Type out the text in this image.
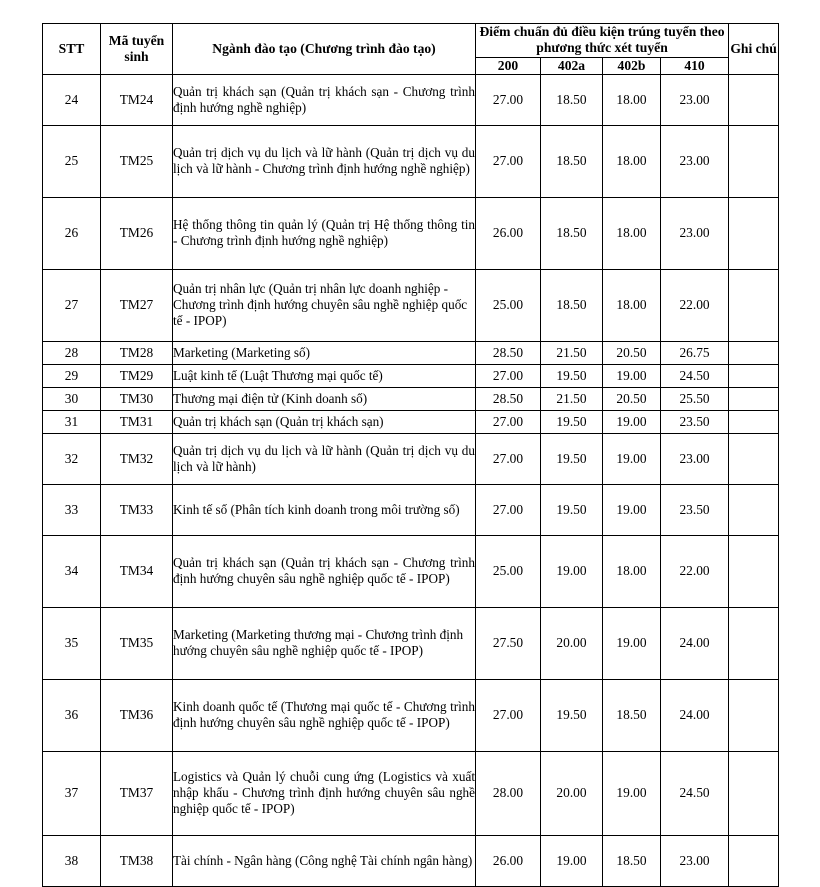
STT	Mã tuyển sinh	Ngành đào tạo (Chương trình đào tạo)	Điểm chuẩn đủ điều kiện trúng tuyển theo phương thức xét tuyển				Ghi chú
			200	402a	402b	410	
24	TM24	Quản trị khách sạn (Quản trị khách sạn - Chương trình định hướng nghề nghiệp)	27.00	18.50	18.00	23.00	
25	TM25	Quản trị dịch vụ du lịch và lữ hành (Quản trị dịch vụ du lịch và lữ hành - Chương trình định hướng nghề nghiệp)	27.00	18.50	18.00	23.00	
26	TM26	Hệ thống thông tin quản lý (Quản trị Hệ thống thông tin - Chương trình định hướng nghề nghiệp)	26.00	18.50	18.00	23.00	
27	TM27	Quản trị nhân lực (Quản trị nhân lực doanh nghiệp - Chương trình định hướng chuyên sâu nghề nghiệp quốc tế - IPOP)	25.00	18.50	18.00	22.00	
28	TM28	Marketing (Marketing số)	28.50	21.50	20.50	26.75	
29	TM29	Luật kinh tế (Luật Thương mại quốc tế)	27.00	19.50	19.00	24.50	
30	TM30	Thương mại điện tử (Kinh doanh số)	28.50	21.50	20.50	25.50	
31	TM31	Quản trị khách sạn (Quản trị khách sạn)	27.00	19.50	19.00	23.50	
32	TM32	Quản trị dịch vụ du lịch và lữ hành (Quản trị dịch vụ du lịch và lữ hành)	27.00	19.50	19.00	23.00	
33	TM33	Kinh tế số (Phân tích kinh doanh trong môi trường số)	27.00	19.50	19.00	23.50	
34	TM34	Quản trị khách sạn (Quản trị khách sạn - Chương trình định hướng chuyên sâu nghề nghiệp quốc tế - IPOP)	25.00	19.00	18.00	22.00	
35	TM35	Marketing (Marketing thương mại - Chương trình định hướng chuyên sâu nghề nghiệp quốc tế - IPOP)	27.50	20.00	19.00	24.00	
36	TM36	Kinh doanh quốc tế (Thương mại quốc tế - Chương trình định hướng chuyên sâu nghề nghiệp quốc tế - IPOP)	27.00	19.50	18.50	24.00	
37	TM37	Logistics và Quản lý chuỗi cung ứng (Logistics và xuất nhập khẩu - Chương trình định hướng chuyên sâu nghề nghiệp quốc tế - IPOP)	28.00	20.00	19.00	24.50	
38	TM38	Tài chính - Ngân hàng (Công nghệ Tài chính ngân hàng)	26.00	19.00	18.50	23.00	
